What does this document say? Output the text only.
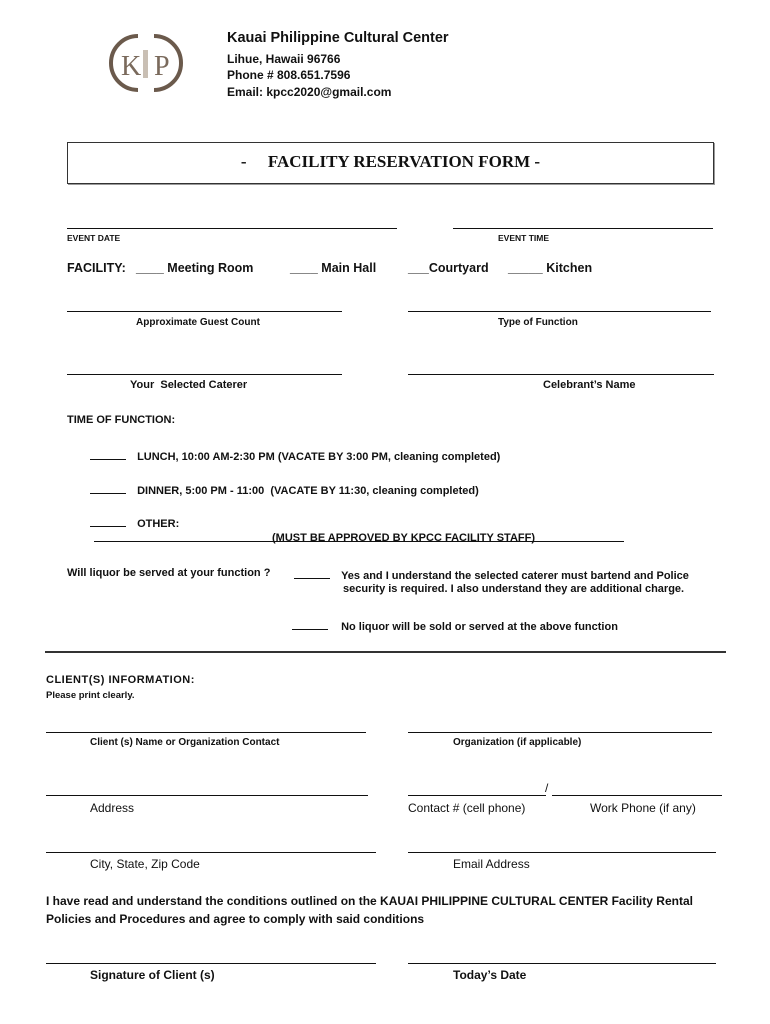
K P
Kauai Philippine Cultural Center
Lihue, Hawaii 96766
Phone # 808.651.7596
Email: kpcc2020@gmail.com
-     FACILITY RESERVATION FORM -
EVENT DATE	EVENT TIME
FACILITY: ____ Meeting Room	____ Main Hall	___Courtyard _____ Kitchen
Approximate Guest Count	Type of Function
Your  Selected Caterer	Celebrant’s Name
TIME OF FUNCTION:
LUNCH, 10:00 AM-2:30 PM (VACATE BY 3:00 PM, cleaning completed)
DINNER, 5:00 PM - 11:00  (VACATE BY 11:30, cleaning completed)
OTHER:
(MUST BE APPROVED BY KPCC FACILITY STAFF)
Will liquor be served at your function ?	Yes and I understand the selected caterer must bartend and Police
security is required. I also understand they are additional charge.
No liquor will be sold or served at the above function
CLIENT(S) INFORMATION:
Please print clearly.
Client (s) Name or Organization Contact	Organization (if applicable)
Address
/
Contact # (cell phone)	Work Phone (if any)
City, State, Zip Code	Email Address
I have read and understand the conditions outlined on the KAUAI PHILIPPINE CULTURAL CENTER Facility Rental
Policies and Procedures and agree to comply with said conditions
Signature of Client (s)	Today’s Date
